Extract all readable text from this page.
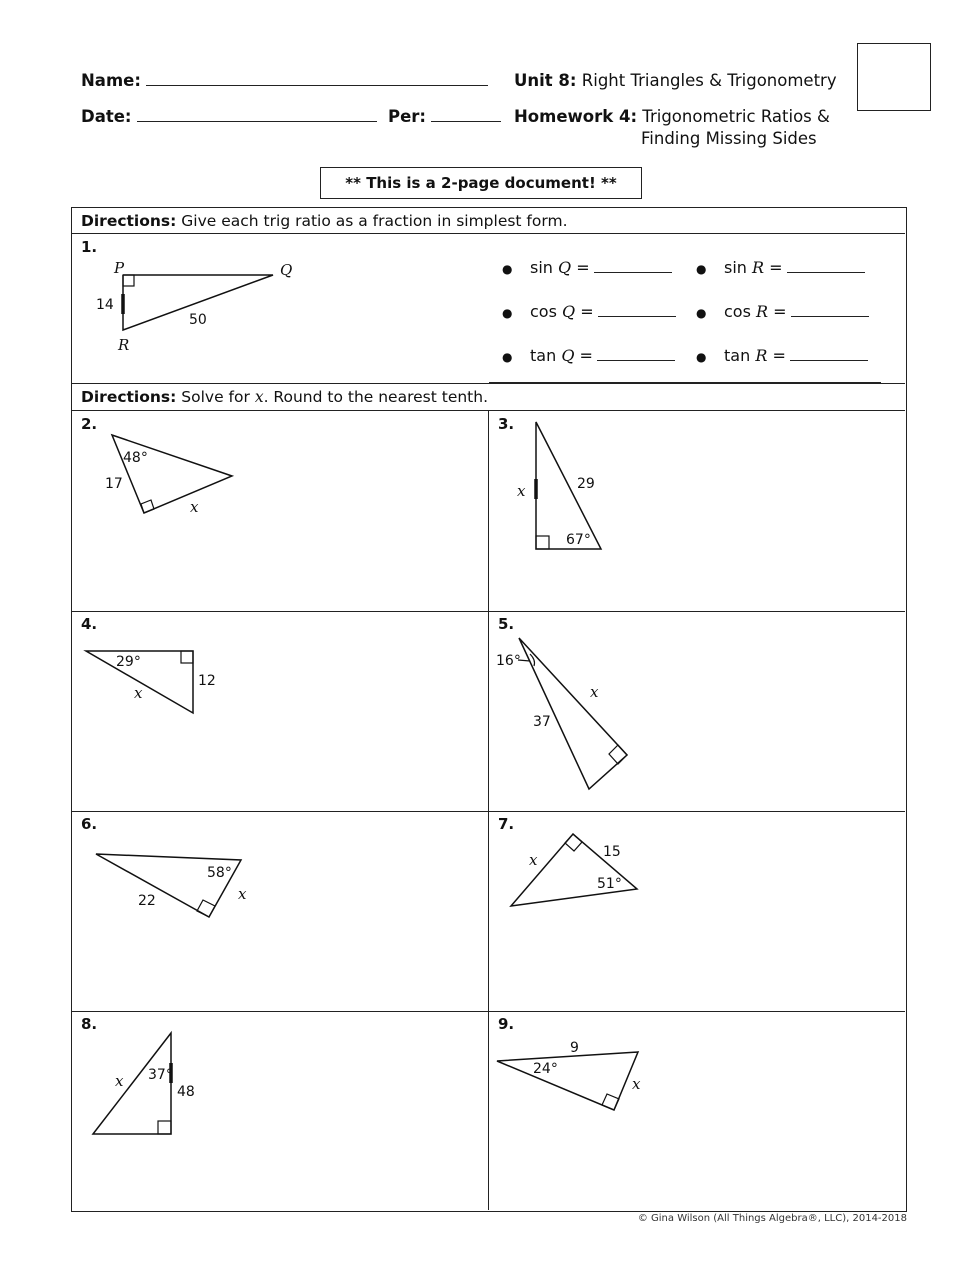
Name:
Date:	Per:
Unit 8: Right Triangles & Trigonometry
Homework 4: Trigonometric Ratios &
Finding Missing Sides
** This is a 2-page document! **
Directions: Give each trig ratio as a fraction in simplest form.
1.
P	Q
R
14
50
● sin Q =	● sin R =
● cos Q =	● cos R =
● tan Q =	● tan R =
Directions: Solve for x. Round to the nearest tenth.
2.	3.
4.	5.
6.	7.
8.	9.
48°
17
x
67°
29
x
29°
12
x
16°
37
x
58°
22	x
51°
15
x
37°
48
x
24°
9
x
© Gina Wilson (All Things Algebra®, LLC), 2014-2018
